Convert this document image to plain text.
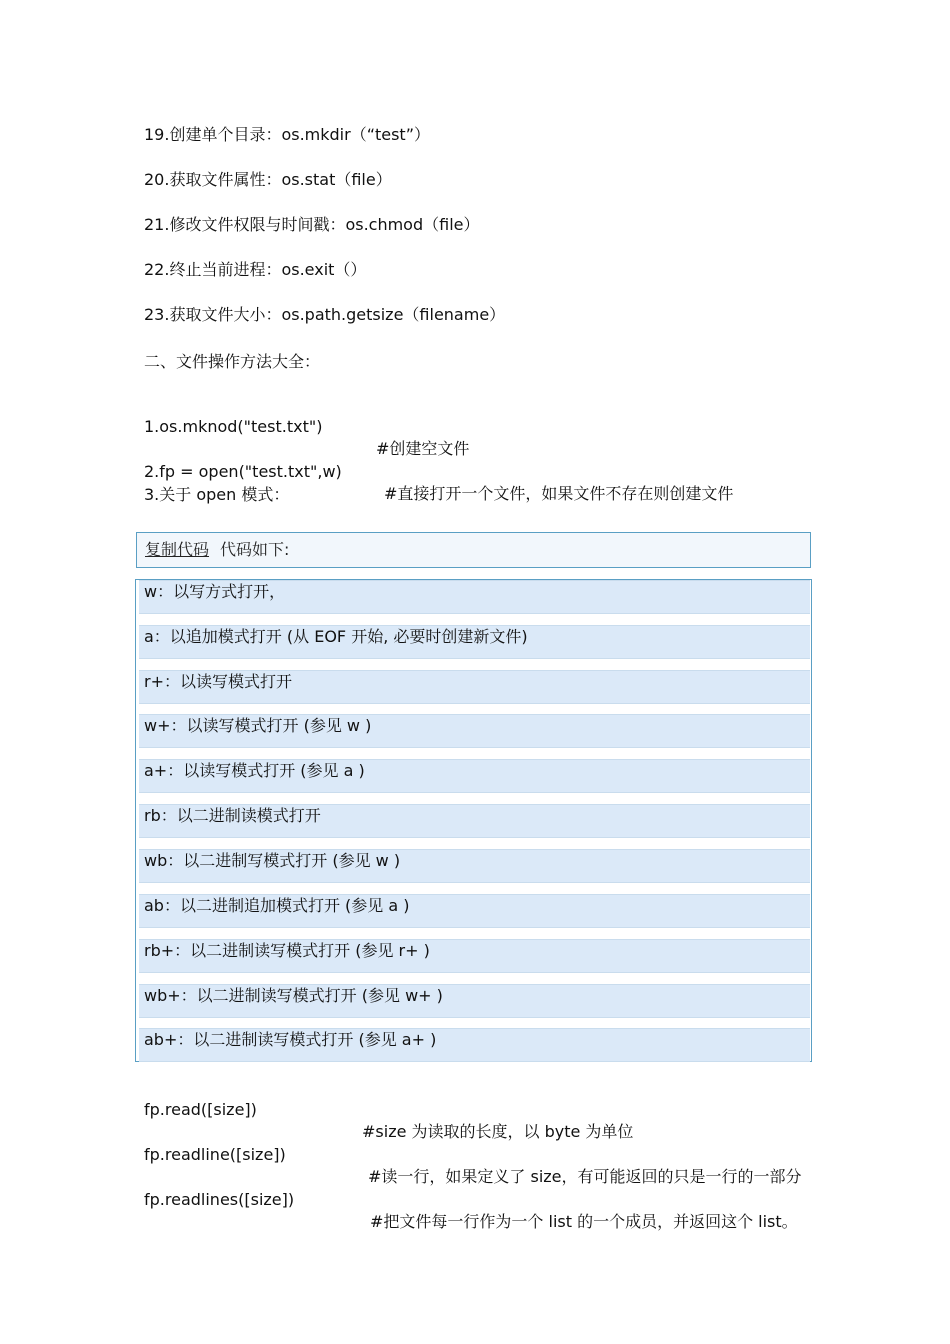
19.创建单个目录：os.mkdir（“test”）
20.获取文件属性：os.stat（file）
21.修改文件权限与时间戳：os.chmod（file）
22.终止当前进程：os.exit（）
23.获取文件大小：os.path.getsize（filename）
二、文件操作方法大全：

1.os.mknod("test.txt")

#创建空文件

2.fp = open("test.txt",w)

#直接打开一个文件，如果文件不存在则创建文件

3.关于 open 模式：
复制代码 代码如下:
w：以写方式打开，
a：以追加模式打开 (从 EOF 开始, 必要时创建新文件)
r+：以读写模式打开
w+：以读写模式打开 (参见 w )
a+：以读写模式打开 (参见 a )
rb：以二进制读模式打开
wb：以二进制写模式打开 (参见 w )
ab：以二进制追加模式打开 (参见 a )
rb+：以二进制读写模式打开 (参见 r+ )
wb+：以二进制读写模式打开 (参见 w+ )
ab+：以二进制读写模式打开 (参见 a+ )

fp.read([size])

#size 为读取的长度，以 byte 为单位

fp.readline([size])

#读一行，如果定义了 size，有可能返回的只是一行的一部分

fp.readlines([size])

#把文件每一行作为一个 list 的一个成员，并返回这个 list。
